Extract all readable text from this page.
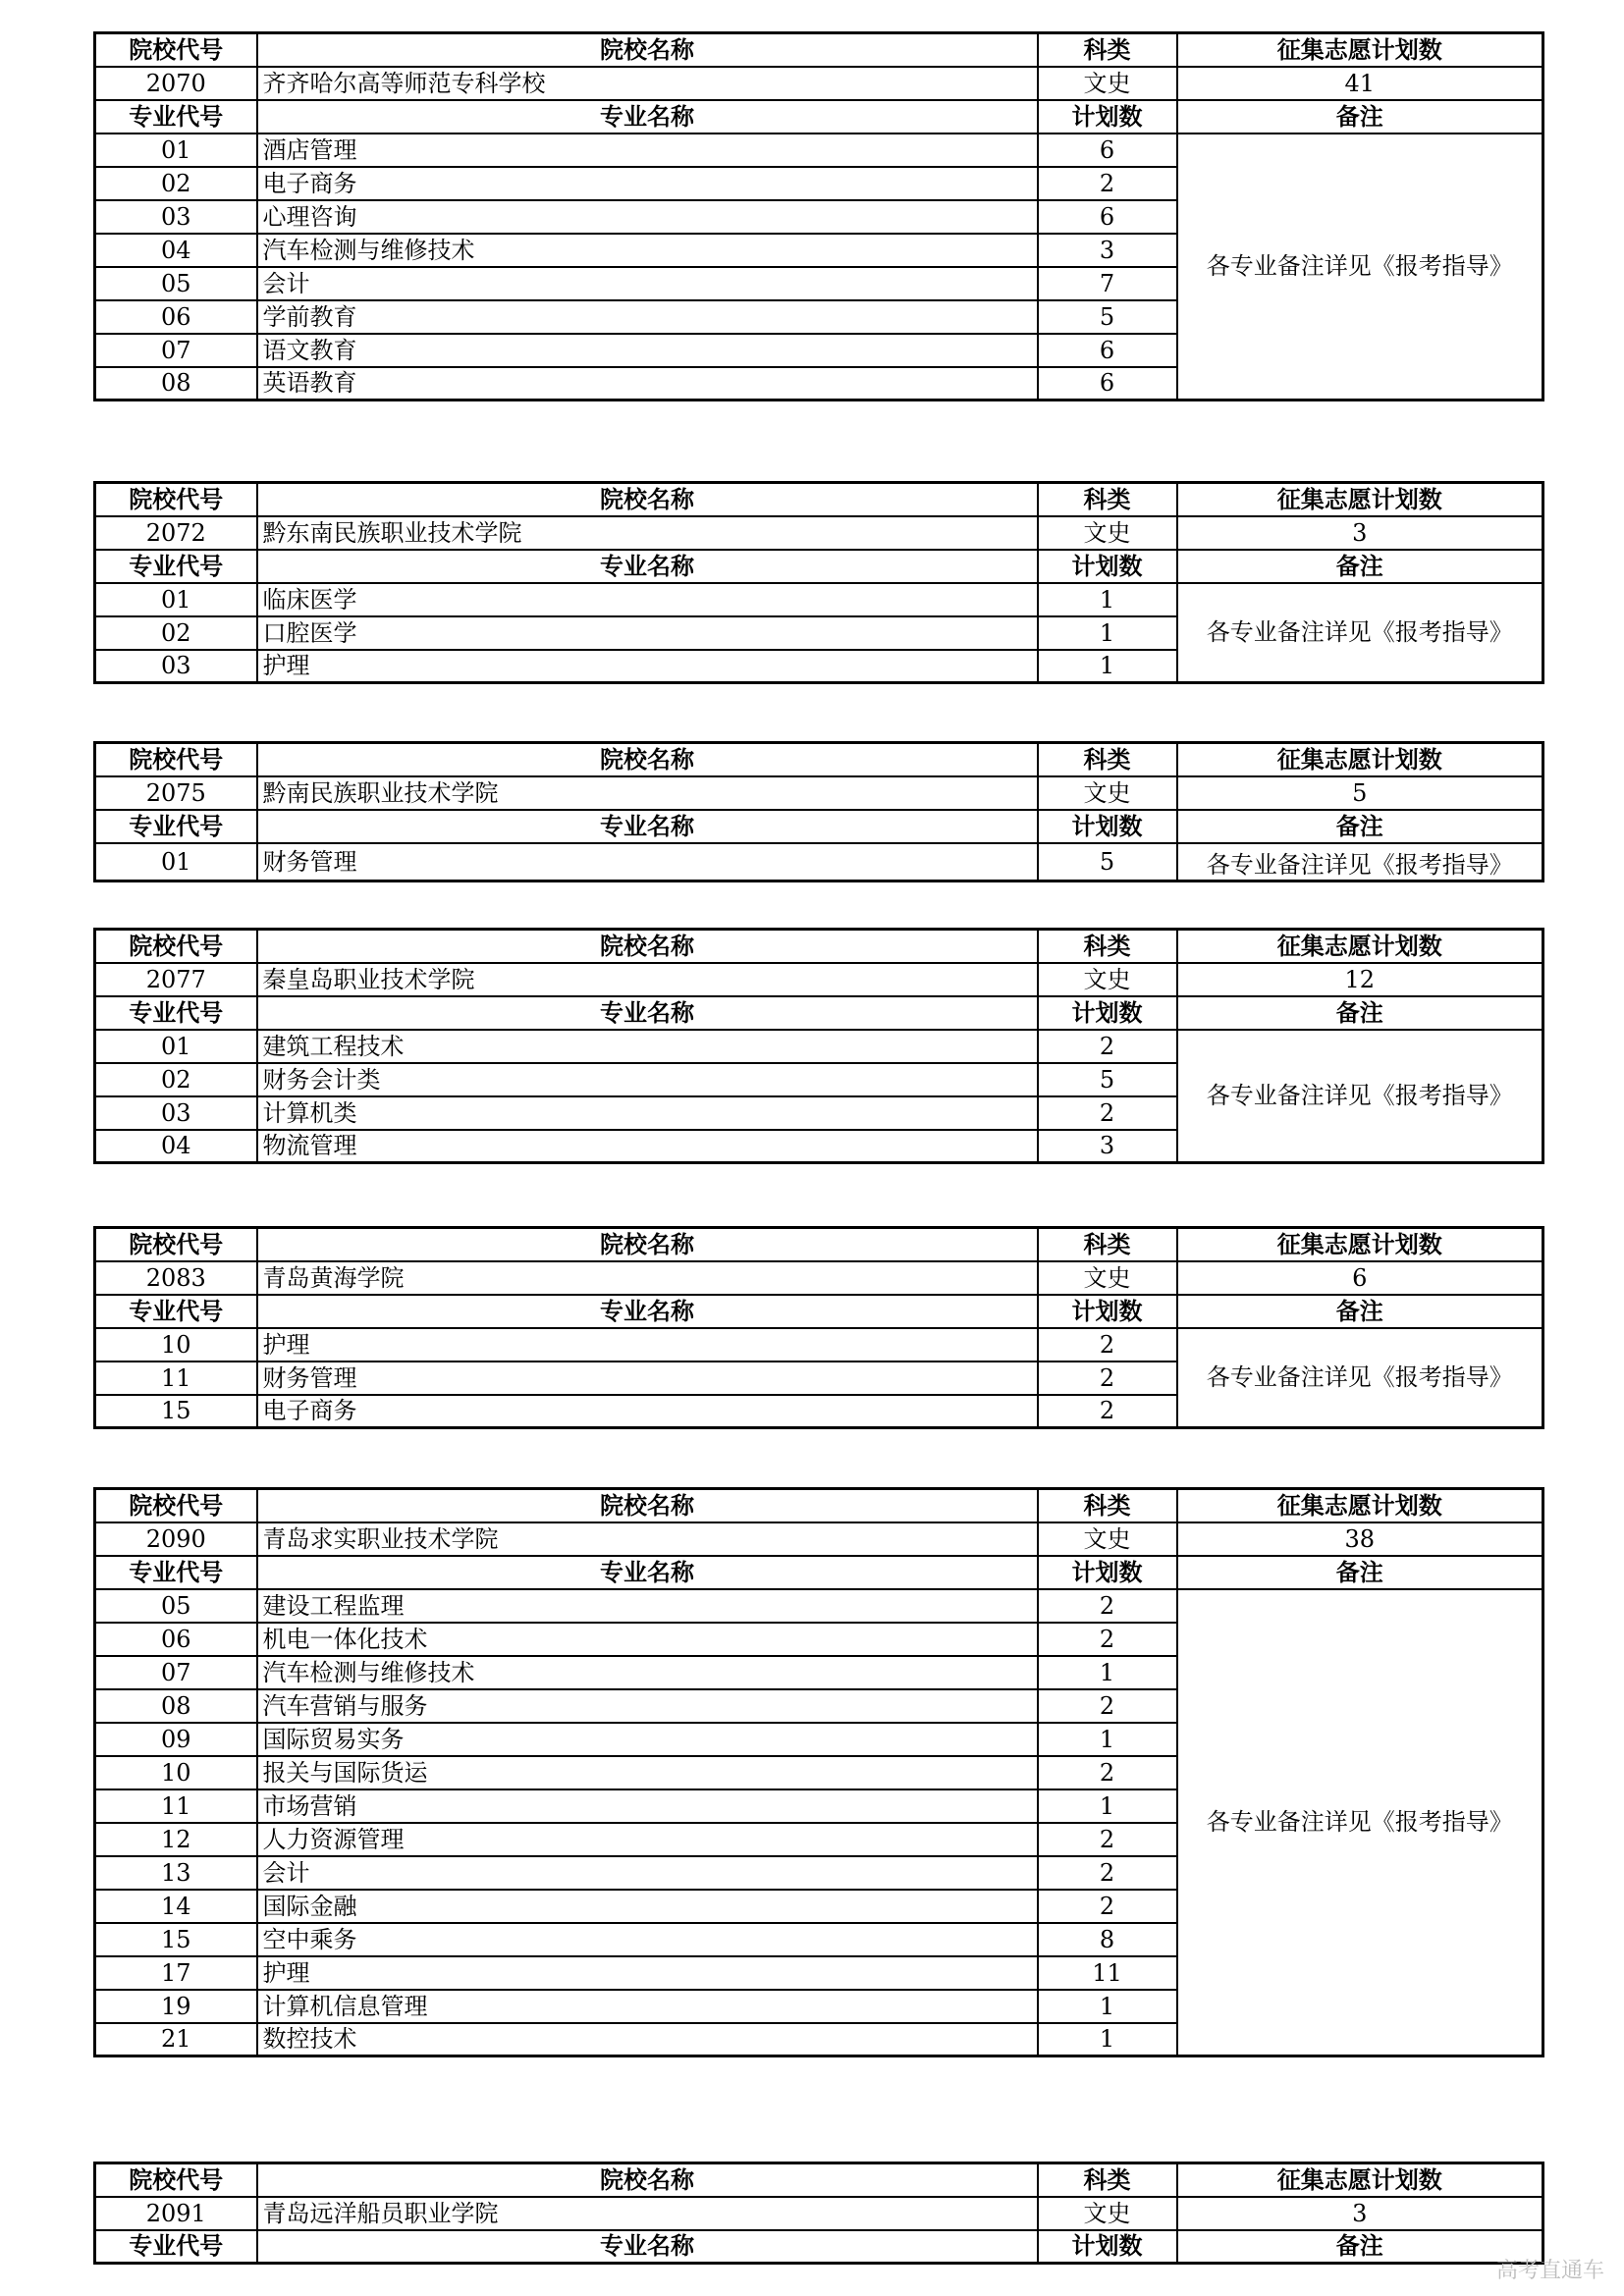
院校代号	院校名称	科类	征集志愿计划数
2070	齐齐哈尔高等师范专科学校	文史	41
专业代号	专业名称	计划数	备注
01	酒店管理	6	各专业备注详见《报考指导》
02	电子商务	2	
03	心理咨询	6	
04	汽车检测与维修技术	3	
05	会计	7	
06	学前教育	5	
07	语文教育	6	
08	英语教育	6	
院校代号	院校名称	科类	征集志愿计划数
2072	黔东南民族职业技术学院	文史	3
专业代号	专业名称	计划数	备注
01	临床医学	1	各专业备注详见《报考指导》
02	口腔医学	1	
03	护理	1	
院校代号	院校名称	科类	征集志愿计划数
2075	黔南民族职业技术学院	文史	5
专业代号	专业名称	计划数	备注
01	财务管理	5	各专业备注详见《报考指导》
院校代号	院校名称	科类	征集志愿计划数
2077	秦皇岛职业技术学院	文史	12
专业代号	专业名称	计划数	备注
01	建筑工程技术	2	各专业备注详见《报考指导》
02	财务会计类	5	
03	计算机类	2	
04	物流管理	3	
院校代号	院校名称	科类	征集志愿计划数
2083	青岛黄海学院	文史	6
专业代号	专业名称	计划数	备注
10	护理	2	各专业备注详见《报考指导》
11	财务管理	2	
15	电子商务	2	
院校代号	院校名称	科类	征集志愿计划数
2090	青岛求实职业技术学院	文史	38
专业代号	专业名称	计划数	备注
05	建设工程监理	2	各专业备注详见《报考指导》
06	机电一体化技术	2	
07	汽车检测与维修技术	1	
08	汽车营销与服务	2	
09	国际贸易实务	1	
10	报关与国际货运	2	
11	市场营销	1	
12	人力资源管理	2	
13	会计	2	
14	国际金融	2	
15	空中乘务	8	
17	护理	11	
19	计算机信息管理	1	
21	数控技术	1	
院校代号	院校名称	科类	征集志愿计划数
2091	青岛远洋船员职业学院	文史	3
专业代号	专业名称	计划数	备注
高考直通车
